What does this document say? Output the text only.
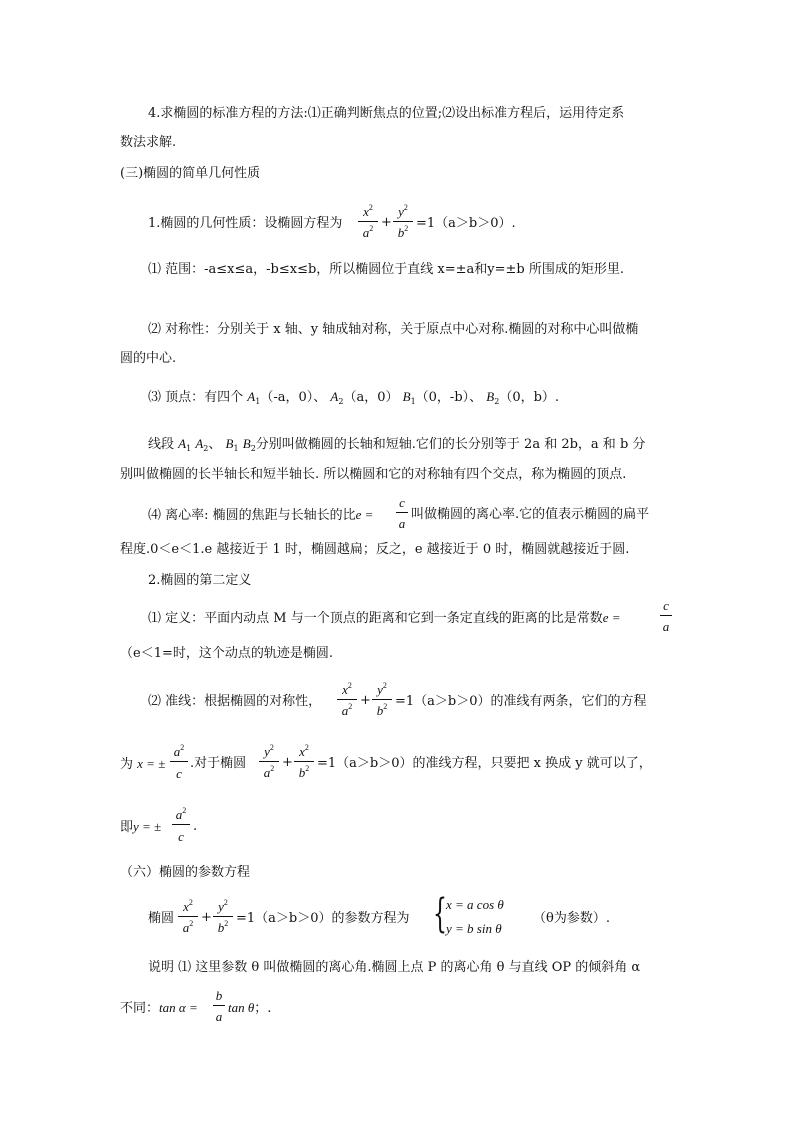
4.求椭圆的标准方程的方法:⑴正确判断焦点的位置;⑵设出标准方程后，运用待定系
数法求解.
(三)椭圆的简单几何性质
1.椭圆的几何性质：设椭圆方程为
$x^2$
$a^2$ +
$y^2$
$b^2 =1(a>b>0)$.
⑴ 范围：-a≤x≤a，-b≤x≤b，所以椭圆位于直线 x=±a和y=±b 所围成的矩形里.
⑵ 对称性：分别关于 x 轴、y 轴成轴对称，关于原点中心对称.椭圆的对称中心叫做椭
圆的中心.
⑶ 顶点：有四个 $A_1(-a$，0）、 $A_2(a$，0） $B_1(0$，-b）、 $B_2(0$，b）.
线段 $A_1$ $A_2$、 $B_1$ $B_2$分别叫做椭圆的长轴和短轴.它们的长分别等于 2a 和 2b，a 和 b 分
别叫做椭圆的长半轴长和短半轴长. 所以椭圆和它的对称轴有四个交点，称为椭圆的顶点.
⑷ 离心率: 椭圆的焦距与长轴长的比e =
c
a
叫做椭圆的离心率.它的值表示椭圆的扁平
程度.0＜e＜1.e 越接近于 1 时，椭圆越扁；反之，e 越接近于 0 时，椭圆就越接近于圆.
2.椭圆的第二定义
⑴ 定义：平面内动点 M 与一个顶点的距离和它到一条定直线的距离的比是常数e =
c
a
（e＜1=时，这个动点的轨迹是椭圆.
⑵ 准线：根据椭圆的对称性，
$x^2$
$a^2$ +
$y^2$
$b^2 =1(a>b>0)$的准线有两条，它们的方程
为 x = ±
$a^2$
c
.对于椭圆
$y^2$
$a^2$ +
$x^2$
$b^2 =1(a>b>0)$的准线方程，只要把 x 换成 y 就可以了，
即y = ±
$a^2$
c
.
（六）椭圆的参数方程
椭圆
$x^2$
$a^2$ +
$y^2$
$b^2 =1(a>b>0)$的参数方程为 { x = a cos θ
y = b sin θ
（θ为参数）.
说明 ⑴ 这里参数 θ 叫做椭圆的离心角.椭圆上点 P 的离心角 θ 与直线 OP 的倾斜角 α
不同：tan α =
b
a
tan θ；.
